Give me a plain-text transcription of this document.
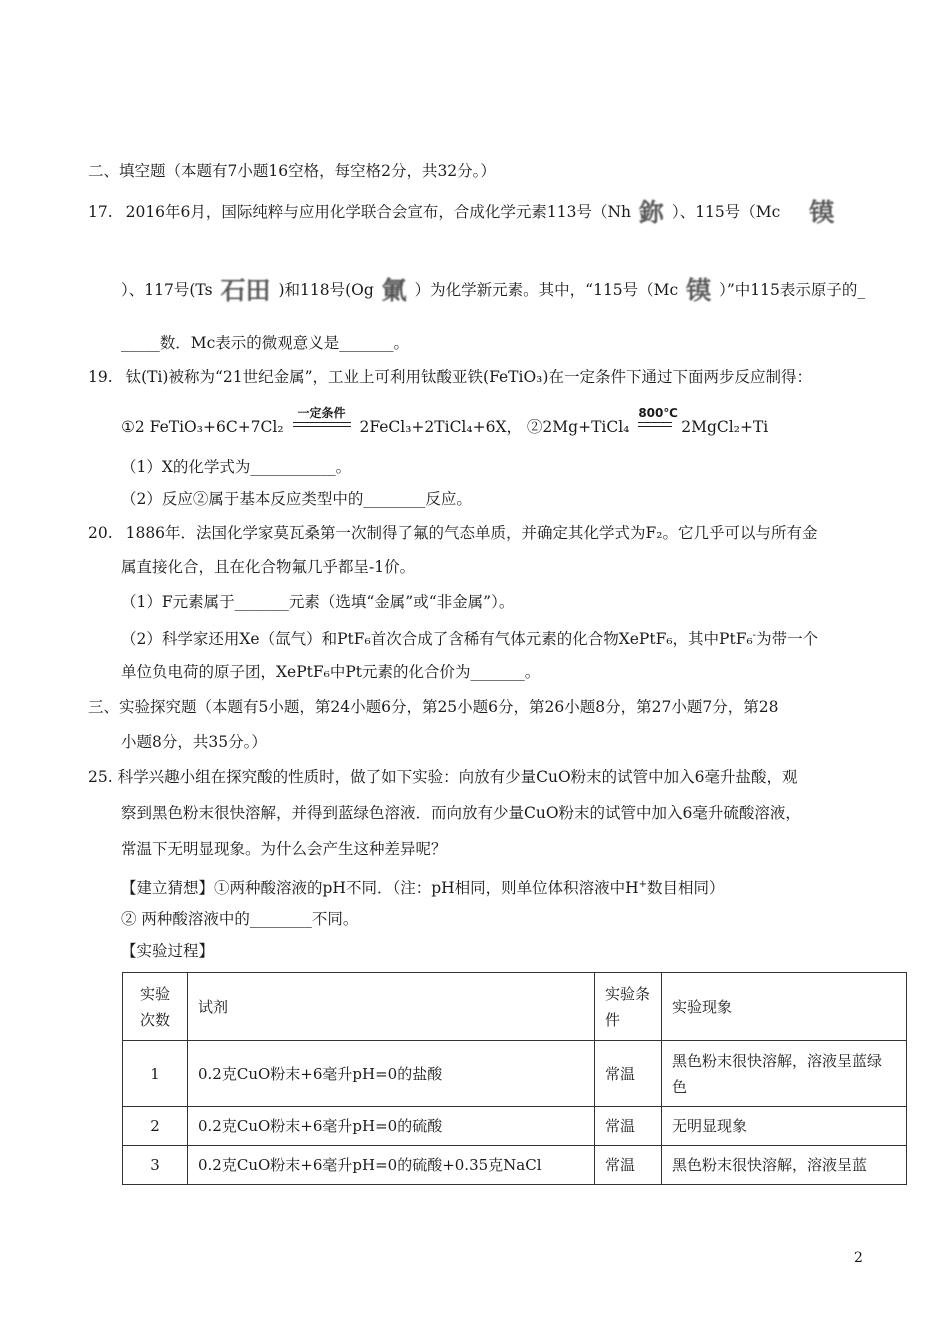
二、填空题（本题有7小题16空格，每空格2分，共32分。）
17. 2016年6月，国际纯粹与应用化学联合会宣布，合成化学元素113号（Nh 鉨 ）、115号（Mc 镆
）、117号(Ts 石田 )和118号(Og 氭 ）为化学新元素。其中，“115号（Mc 镆 ）”中115表示原子的_
_____数．Mc表示的微观意义是_______。
19. 钛(Ti)被称为“21世纪金属”，工业上可利用钛酸亚铁(FeTiO₃)在一定条件下通过下面两步反应制得：
①2 FeTiO₃+6C+7Cl₂
一定条件
2FeCl₃+2TiCl₄+6X， ②2Mg+TiCl₄
800℃
2MgCl₂+Ti
（1）X的化学式为___________。
（2）反应②属于基本反应类型中的________反应。
20. 1886年．法国化学家莫瓦桑第一次制得了氟的气态单质，并确定其化学式为F₂。它几乎可以与所有金
属直接化合，且在化合物氟几乎都呈-1价。
（1）F元素属于_______元素（选填“金属”或“非金属”）。
（2）科学家还用Xe（氙气）和PtF₆首次合成了含稀有气体元素的化合物XePtF₆，其中PtF₆-为带一个
单位负电荷的原子团，XePtF₆中Pt元素的化合价为_______。
三、实验探究题（本题有5小题，第24小题6分，第25小题6分，第26小题8分，第27小题7分，第28
小题8分，共35分。）
25. 科学兴趣小组在探究酸的性质时，做了如下实验：向放有少量CuO粉末的试管中加入6毫升盐酸，观
察到黑色粉末很快溶解，并得到蓝绿色溶液．而向放有少量CuO粉末的试管中加入6毫升硫酸溶液，
常温下无明显现象。为什么会产生这种差异呢？
【建立猜想】①两种酸溶液的pH不同．（注：pH相同，则单位体积溶液中H+数目相同）
② 两种酸溶液中的________不同。
【实验过程】
实验次数	试剂	实验条件	实验现象
1	0.2克CuO粉末+6毫升pH=0的盐酸	常温	黑色粉末很快溶解，溶液呈蓝绿色
2	0.2克CuO粉末+6毫升pH=0的硫酸	常温	无明显现象
3	0.2克CuO粉末+6毫升pH=0的硫酸+0.35克NaCl	常温	黑色粉末很快溶解，溶液呈蓝
2
